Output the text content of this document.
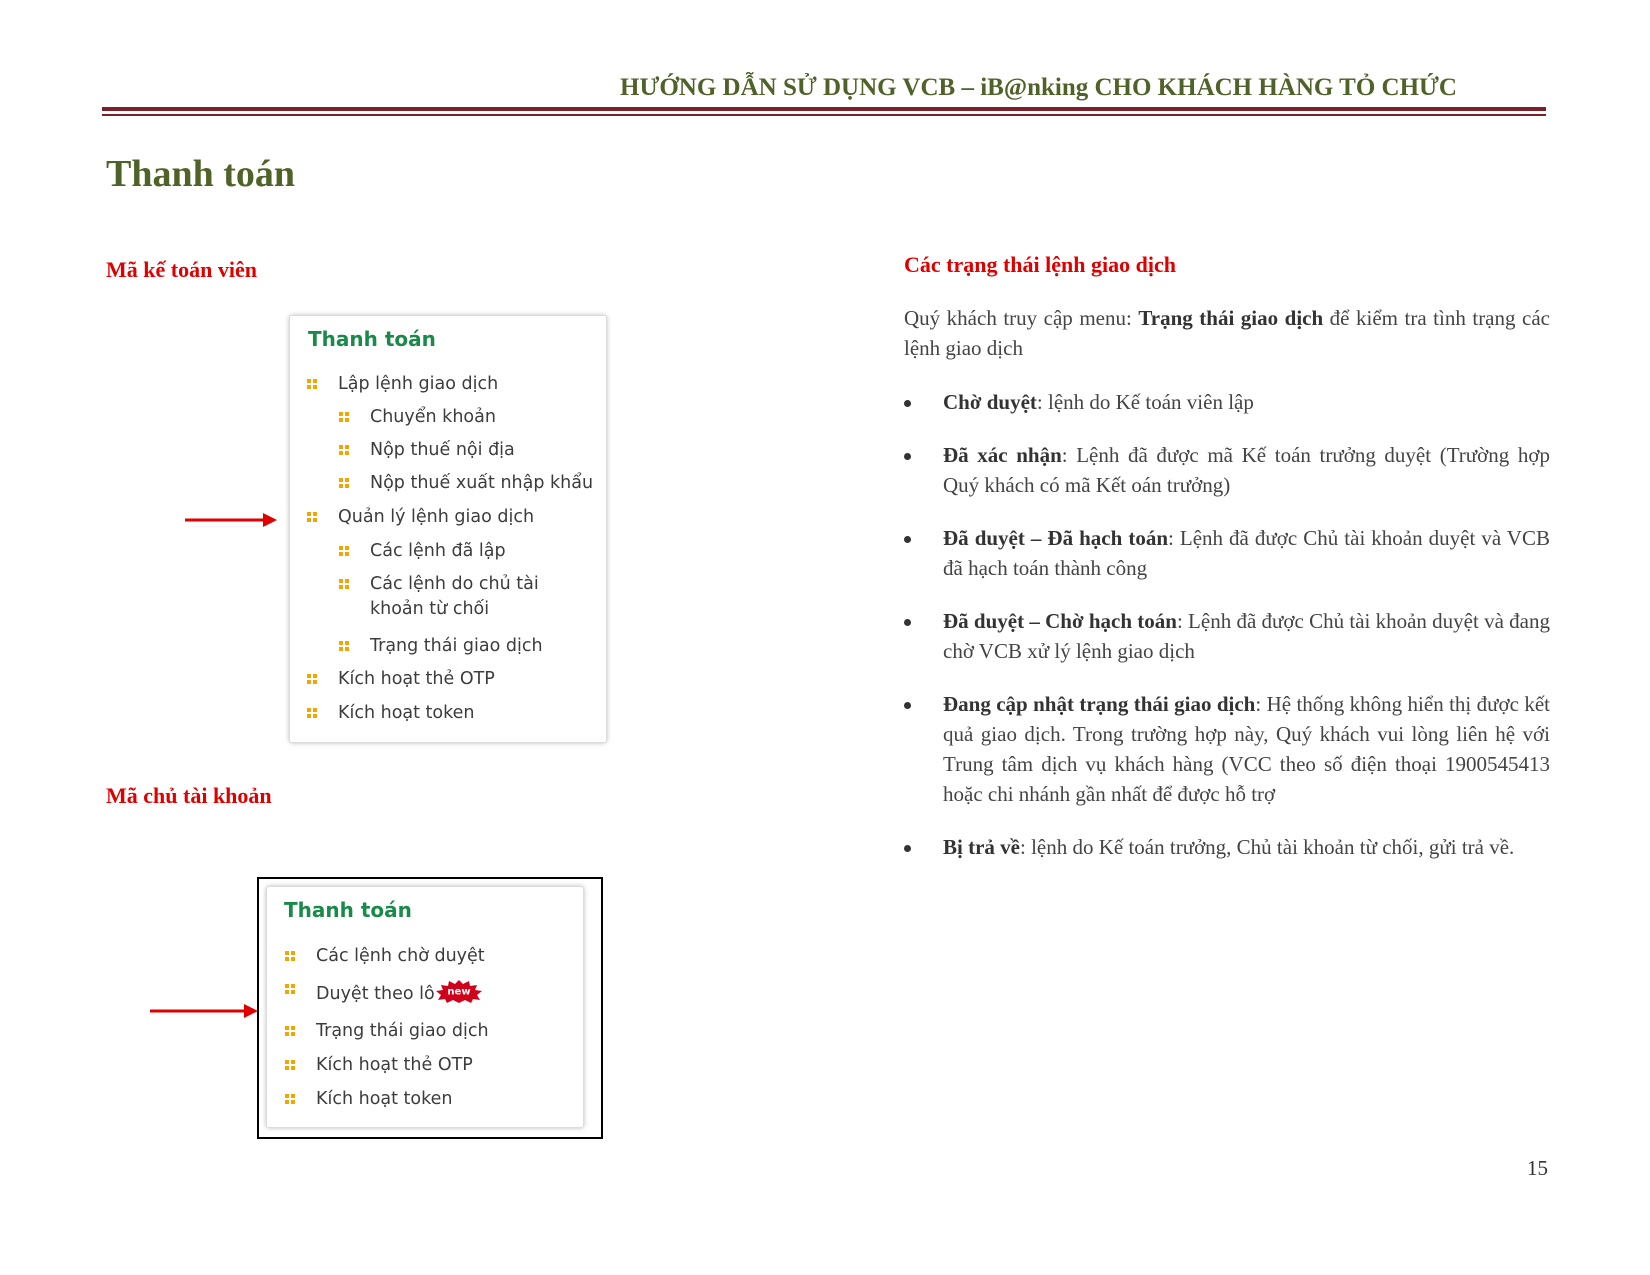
HƯỚNG DẪN SỬ DỤNG VCB – iB@nking CHO KHÁCH HÀNG TỎ CHỨC
Thanh toán
Mã kế toán viên
Thanh toán
Lập lệnh giao dịch
Chuyển khoản
Nộp thuế nội địa
Nộp thuế xuất nhập khẩu
Quản lý lệnh giao dịch
Các lệnh đã lập
Các lệnh do chủ tài khoản từ chối
Trạng thái giao dịch
Kích hoạt thẻ OTP
Kích hoạt token
Mã chủ tài khoản
Thanh toán
Các lệnh chờ duyệt
Duyệt theo lô new
Trạng thái giao dịch
Kích hoạt thẻ OTP
Kích hoạt token
Các trạng thái lệnh giao dịch
Quý khách truy cập menu: Trạng thái giao dịch để kiểm tra tình trạng các lệnh giao dịch
Chờ duyệt: lệnh do Kế toán viên lập
Đã xác nhận: Lệnh đã được mã Kế toán trưởng duyệt (Trường hợp Quý khách có mã Kết oán trưởng)
Đã duyệt – Đã hạch toán: Lệnh đã được Chủ tài khoản duyệt và VCB đã hạch toán thành công
Đã duyệt – Chờ hạch toán: Lệnh đã được Chủ tài khoản duyệt và đang chờ VCB xử lý lệnh giao dịch
Đang cập nhật trạng thái giao dịch: Hệ thống không hiển thị được kết quả giao dịch. Trong trường hợp này, Quý khách vui lòng liên hệ với Trung tâm dịch vụ khách hàng (VCC theo số điện thoại 1900545413 hoặc chi nhánh gần nhất để được hỗ trợ
Bị trả về: lệnh do Kế toán trưởng, Chủ tài khoản từ chối, gửi trả về.
15
